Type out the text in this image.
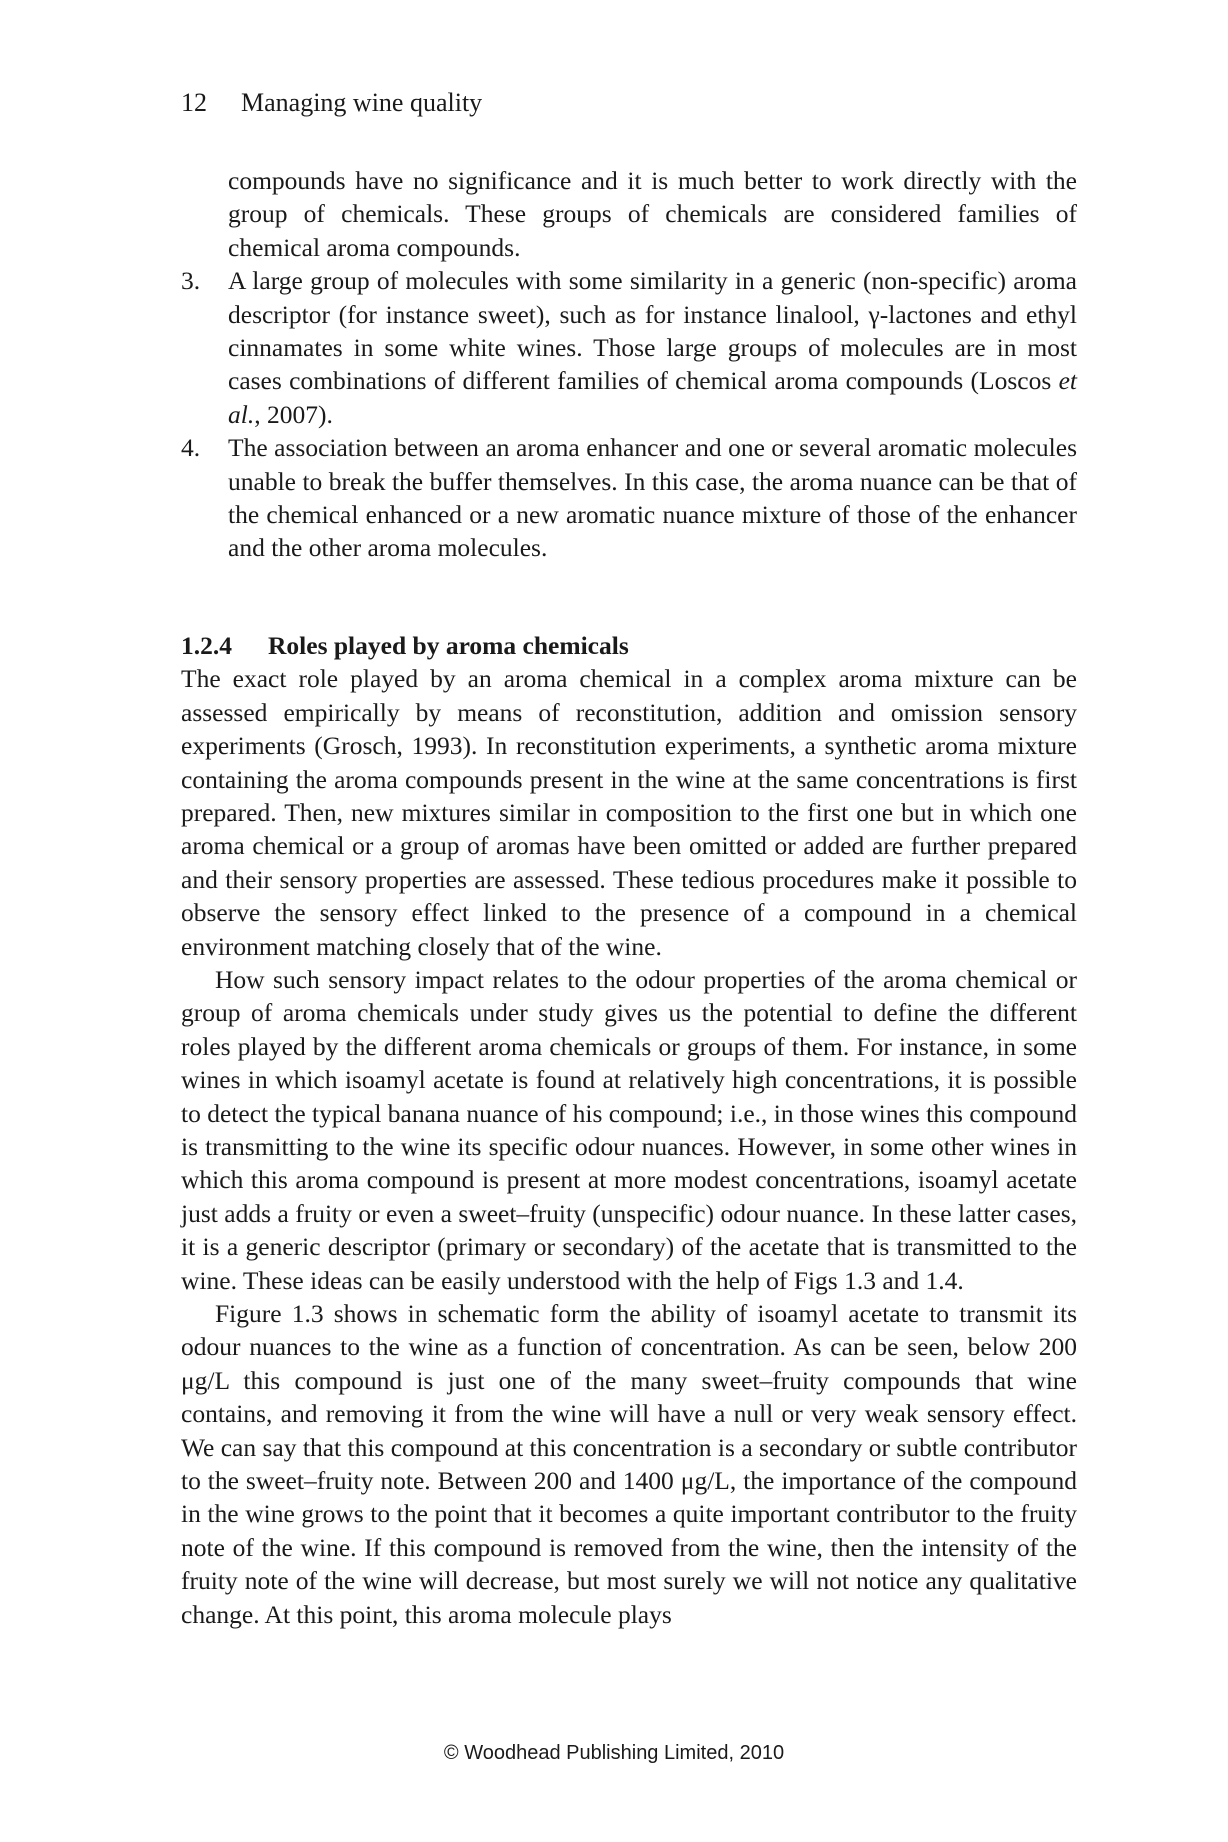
12 Managing wine quality

compounds have no significance and it is much better to work directly with the group of chemicals. These groups of chemicals are considered families of chemical aroma compounds.

3.	A large group of molecules with some similarity in a generic (non-specific) aroma descriptor (for instance sweet), such as for instance linalool, γ-lactones and ethyl cinnamates in some white wines. Those large groups of molecules are in most cases combinations of different families of chemical aroma compounds (Loscos et al., 2007).
4.	The association between an aroma enhancer and one or several aromatic molecules unable to break the buffer themselves. In this case, the aroma nuance can be that of the chemical enhanced or a new aromatic nuance mixture of those of the enhancer and the other aroma molecules.
1.2.4 Roles played by aroma chemicals

The exact role played by an aroma chemical in a complex aroma mixture can be assessed empirically by means of reconstitution, addition and omission sensory experiments (Grosch, 1993). In reconstitution experiments, a synthetic aroma mixture containing the aroma compounds present in the wine at the same concentrations is first prepared. Then, new mixtures similar in composition to the first one but in which one aroma chemical or a group of aromas have been omitted or added are further prepared and their sensory properties are assessed. These tedious procedures make it possible to observe the sensory effect linked to the presence of a compound in a chemical environment matching closely that of the wine.

How such sensory impact relates to the odour properties of the aroma chemical or group of aroma chemicals under study gives us the potential to define the different roles played by the different aroma chemicals or groups of them. For instance, in some wines in which isoamyl acetate is found at relatively high concentrations, it is possible to detect the typical banana nuance of his compound; i.e., in those wines this compound is transmitting to the wine its specific odour nuances. However, in some other wines in which this aroma compound is present at more modest concentrations, isoamyl acetate just adds a fruity or even a sweet–fruity (unspecific) odour nuance. In these latter cases, it is a generic descriptor (primary or secondary) of the acetate that is transmitted to the wine. These ideas can be easily understood with the help of Figs 1.3 and 1.4.

Figure 1.3 shows in schematic form the ability of isoamyl acetate to transmit its odour nuances to the wine as a function of concentration. As can be seen, below 200 μg/L this compound is just one of the many sweet–fruity compounds that wine contains, and removing it from the wine will have a null or very weak sensory effect. We can say that this compound at this concentration is a secondary or subtle contributor to the sweet–fruity note. Between 200 and 1400 μg/L, the importance of the compound in the wine grows to the point that it becomes a quite important contributor to the fruity note of the wine. If this compound is removed from the wine, then the intensity of the fruity note of the wine will decrease, but most surely we will not notice any qualitative change. At this point, this aroma molecule plays

© Woodhead Publishing Limited, 2010
